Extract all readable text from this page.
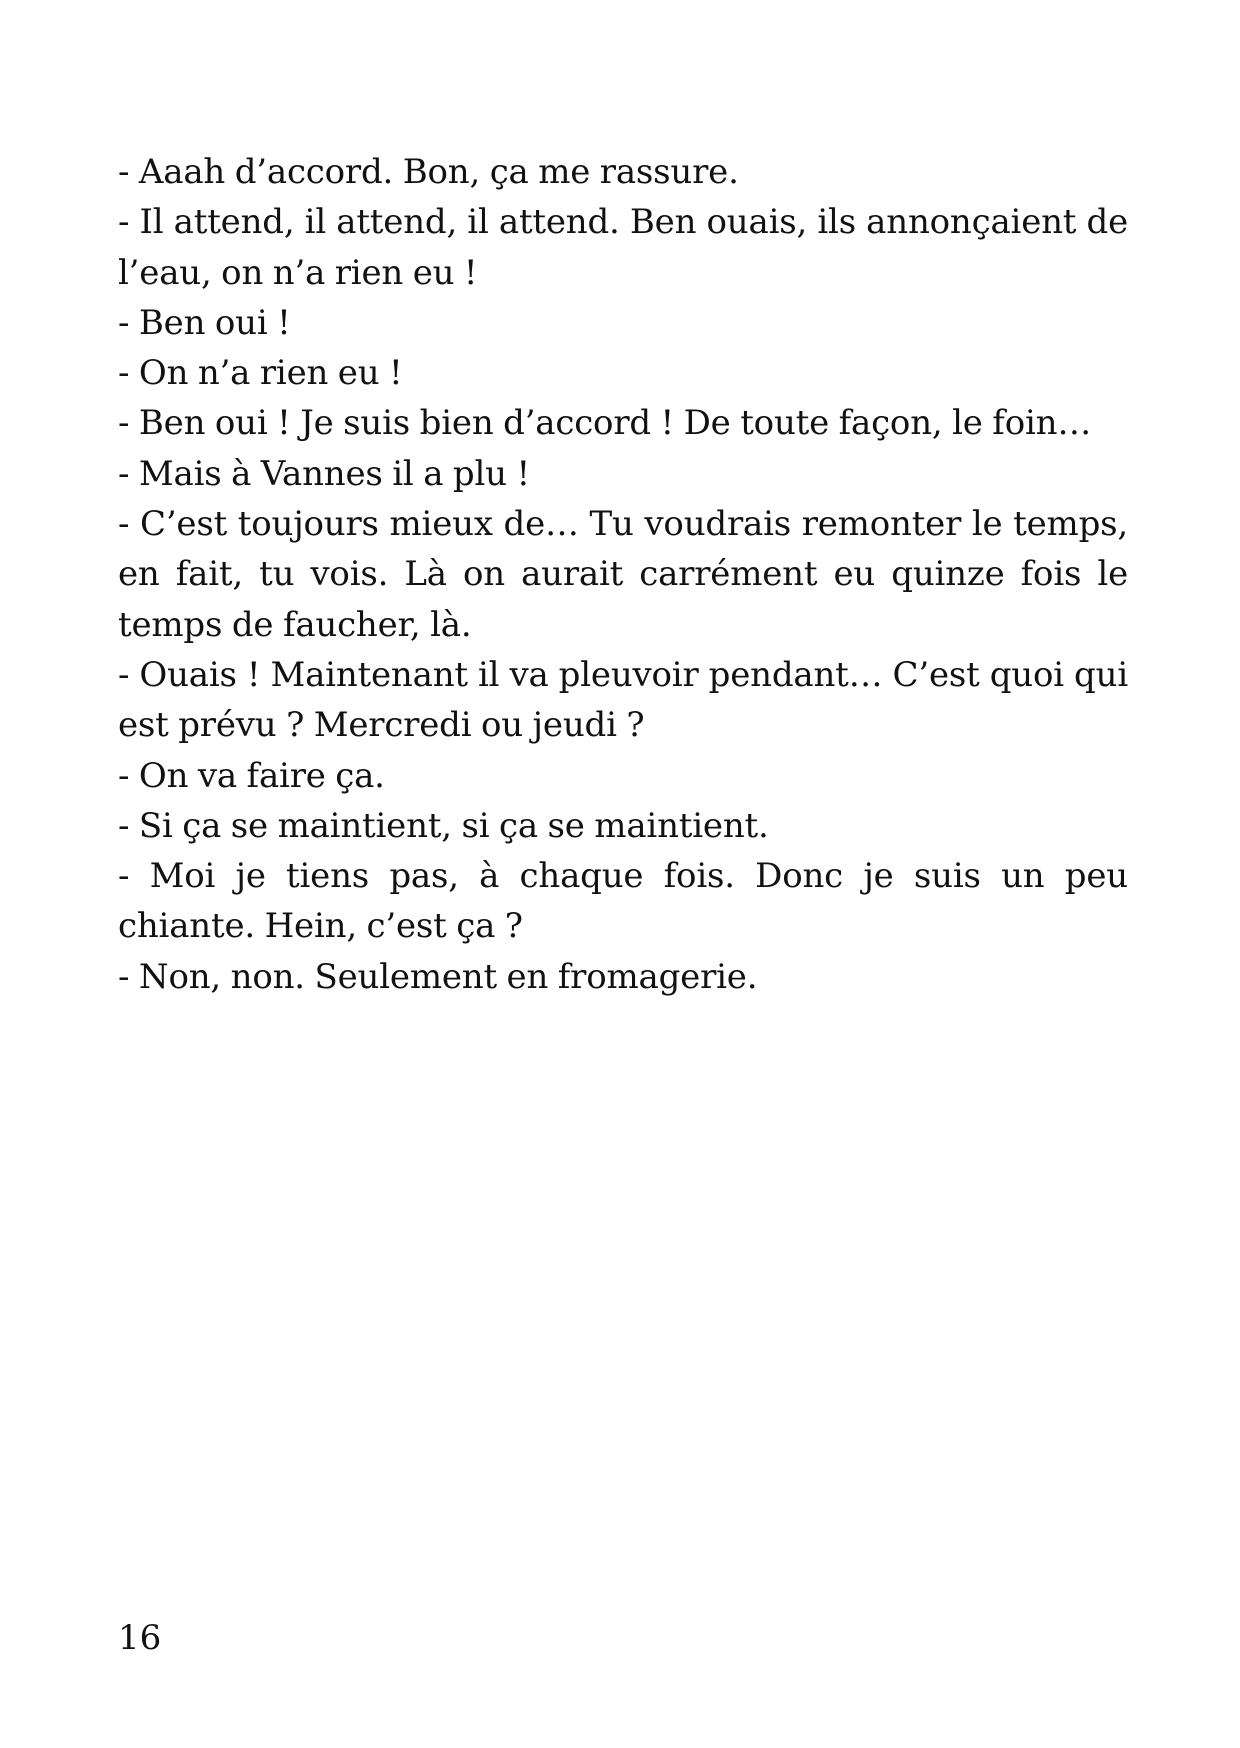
- Aaah d’accord. Bon, ça me rassure.

- Il attend, il attend, il attend. Ben ouais, ils annonçaient de l’eau, on n’a rien eu !

- Ben oui !

- On n’a rien eu !

- Ben oui ! Je suis bien d’accord ! De toute façon, le foin…

- Mais à Vannes il a plu !

- C’est toujours mieux de… Tu voudrais remonter le temps, en fait, tu vois. Là on aurait carrément eu quinze fois le temps de faucher, là.

- Ouais ! Maintenant il va pleuvoir pendant… C’est quoi qui est prévu ? Mercredi ou jeudi ?

- On va faire ça.

- Si ça se maintient, si ça se maintient.

- Moi je tiens pas, à chaque fois. Donc je suis un peu chiante. Hein, c’est ça ?

- Non, non. Seulement en fromagerie.

16
